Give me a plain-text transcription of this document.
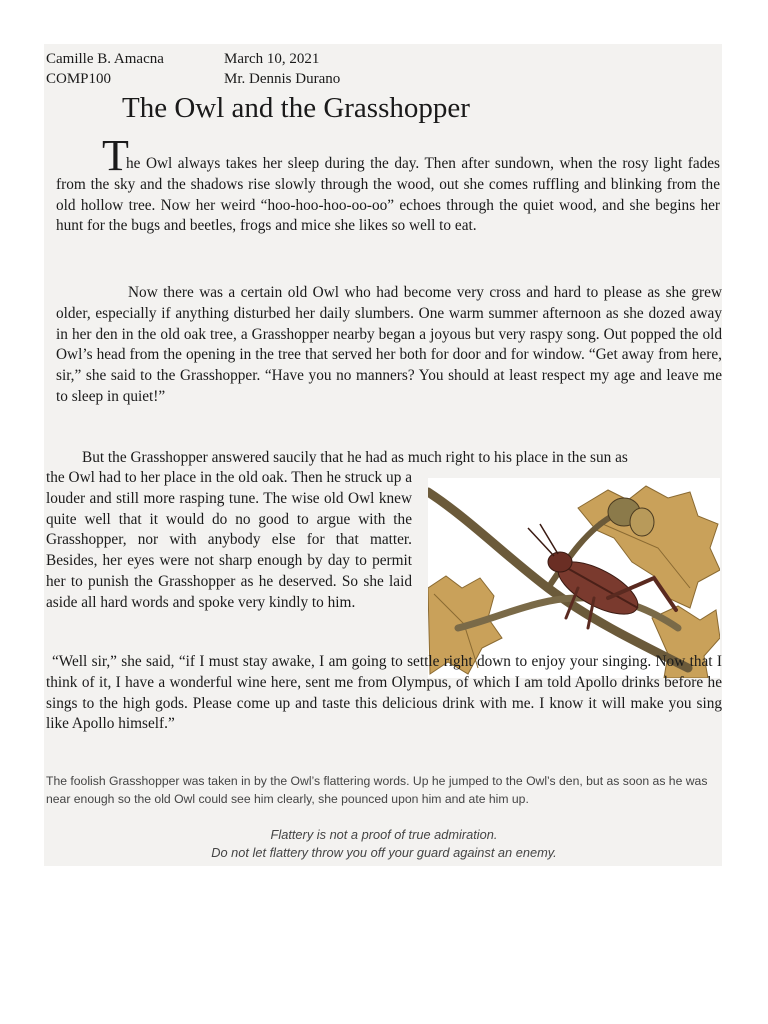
Camille B. Amacna	March 10, 2021
COMP100	Mr. Dennis Durano
The Owl and the Grasshopper
T

he Owl always takes her sleep during the day. Then after sundown, when the rosy light fades from the sky and the shadows rise slowly through the wood, out she comes ruffling and blinking from the old hollow tree. Now her weird “hoo-hoo-hoo-oo-oo” echoes through the quiet wood, and she begins her hunt for the bugs and beetles, frogs and mice she likes so well to eat.

Now there was a certain old Owl who had become very cross and hard to please as she grew older, especially if anything disturbed her daily slumbers. One warm summer afternoon as she dozed away in her den in the old oak tree, a Grasshopper nearby began a joyous but very raspy song. Out popped the old Owl’s head from the opening in the tree that served her both for door and for window. “Get away from here, sir,” she said to the Grasshopper. “Have you no manners? You should at least respect my age and leave me to sleep in quiet!”

But the Grasshopper answered saucily that he had as much right to his place in the sun as

the Owl had to her place in the old oak. Then he struck up a louder and still more rasping tune. The wise old Owl knew quite well that it would do no good to argue with the Grasshopper, nor with anybody else for that matter. Besides, her eyes were not sharp enough by day to permit her to punish the Grasshopper as he deserved. So she laid aside all hard words and spoke very kindly to him.

“Well sir,” she said, “if I must stay awake, I am going to settle right down to enjoy your singing. Now that I think of it, I have a wonderful wine here, sent me from Olympus, of which I am told Apollo drinks before he sings to the high gods. Please come up and taste this delicious drink with me. I know it will make you sing like Apollo himself.”

The foolish Grasshopper was taken in by the Owl’s flattering words. Up he jumped to the Owl’s den, but as soon as he was near enough so the old Owl could see him clearly, she pounced upon him and ate him up.

Flattery is not a proof of true admiration.
Do not let flattery throw you off your guard against an enemy.
